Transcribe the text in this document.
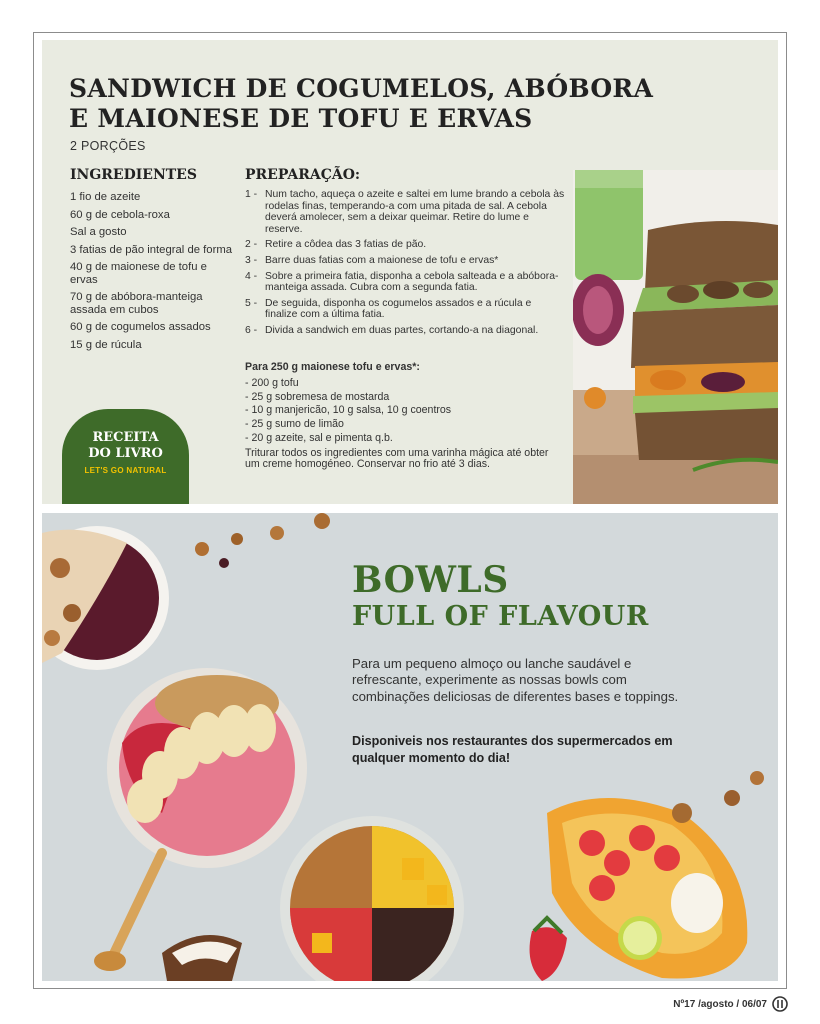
SANDWICH DE COGUMELOS, ABÓBORA
E MAIONESE DE TOFU E ERVAS
2 PORÇÕES
INGREDIENTES
1 fio de azeite
60 g de cebola-roxa
Sal a gosto
3 fatias de pão integral de forma
40 g de maionese de tofu e ervas
70 g de abóbora-manteiga assada em cubos
60 g de cogumelos assados
15 g de rúcula
PREPARAÇÃO:
1 - Num tacho, aqueça o azeite e saltei em lume brando a cebola às rodelas finas, temperando-a com uma pitada de sal. A cebola deverá amolecer, sem a deixar queimar. Retire do lume e reserve.
2 - Retire a côdea das 3 fatias de pão.
3 - Barre duas fatias com a maionese de tofu e ervas*
4 - Sobre a primeira fatia, disponha a cebola salteada e a abóbora-manteiga assada. Cubra com a segunda fatia.
5 - De seguida, disponha os cogumelos assados e a rúcula e finalize com a última fatia.
6 - Divida a sandwich em duas partes, cortando-a na diagonal.
Para 250 g maionese tofu e ervas*:
- 200 g tofu
- 25 g sobremesa de mostarda
- 10 g manjericão, 10 g salsa, 10 g coentros
- 25 g sumo de limão
- 20 g azeite, sal e pimenta q.b.
Triturar todos os ingredientes com uma varinha mágica até obter um creme homogéneo. Conservar no frio até 3 dias.
RECEITA
DO LIVRO
LET'S GO NATURAL
BOWLS
FULL OF FLAVOUR

Para um pequeno almoço ou lanche saudável e refrescante, experimente as nossas bowls com combinações deliciosas de diferentes bases e toppings.

Disponiveis nos restaurantes dos supermercados em qualquer momento do dia!

Nº17 /agosto / 06/07
